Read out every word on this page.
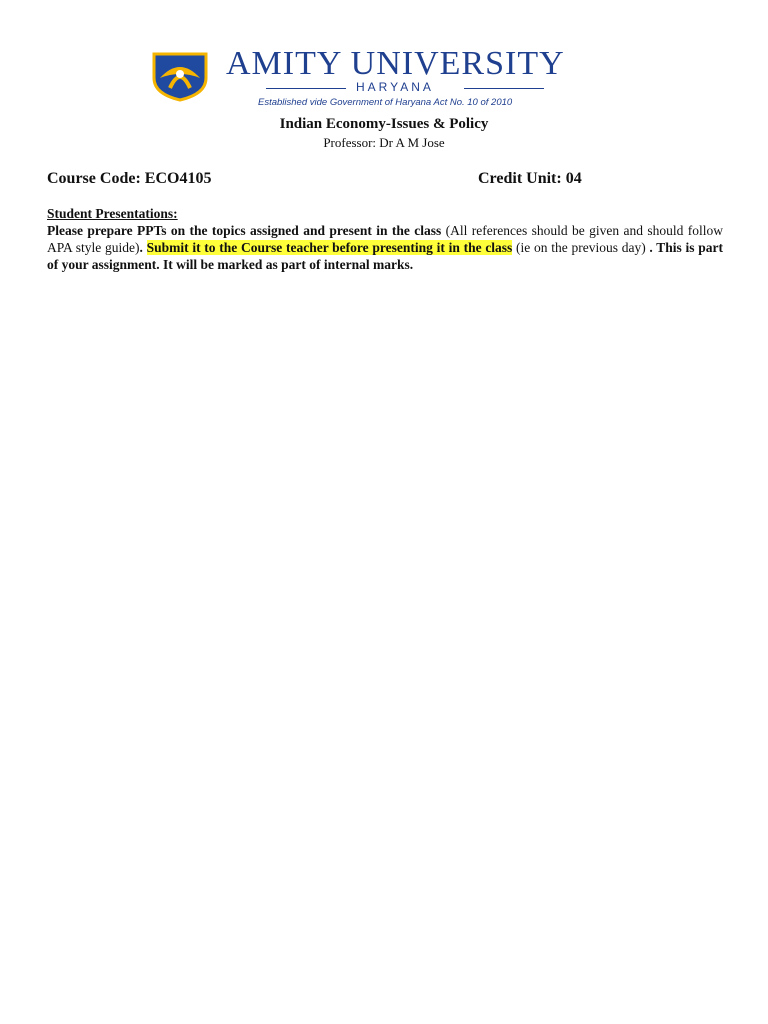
AMITY UNIVERSITY
HARYANA
Established vide Government of Haryana Act No. 10 of 2010
Indian Economy-Issues & Policy
Professor: Dr A M Jose
Course Code: ECO4105	Credit Unit: 04
Student Presentations:
Please prepare PPTs on the topics assigned and present in the class (All references should be given and should follow APA style guide). Submit it to the Course teacher before presenting it in the class (ie on the previous day) . This is part of your assignment. It will be marked as part of internal marks.
